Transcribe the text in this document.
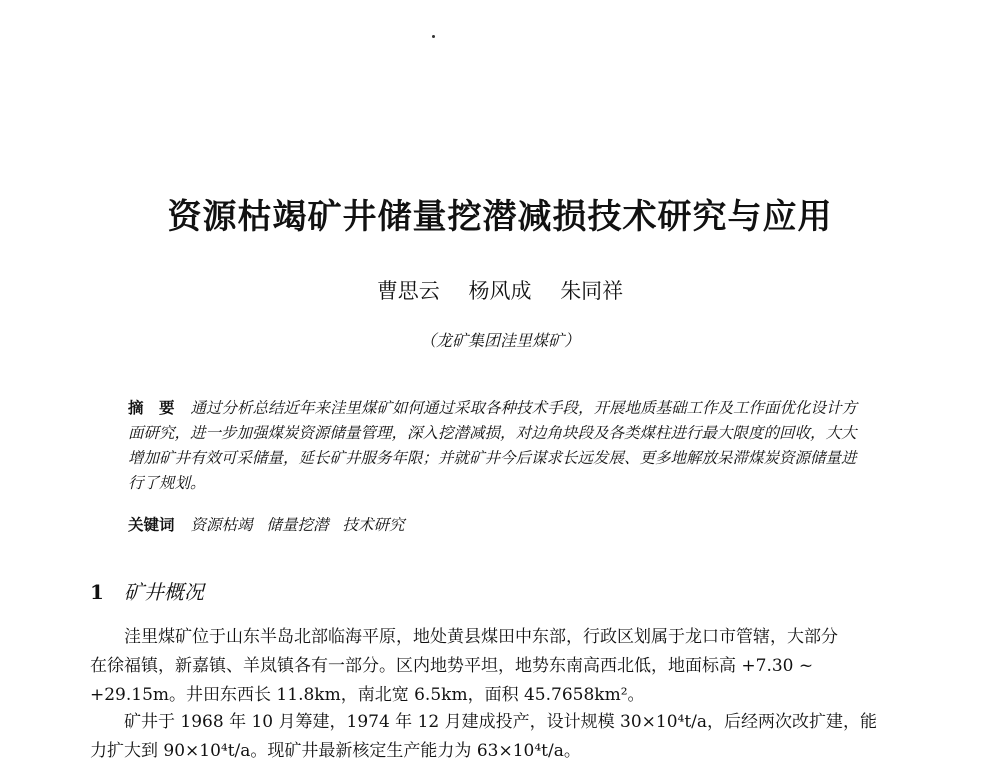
资源枯竭矿井储量挖潜减损技术研究与应用
曹思云 杨风成 朱同祥
（龙矿集团洼里煤矿）
摘　要 通过分析总结近年来洼里煤矿如何通过采取各种技术手段，开展地质基础工作及工作面优化设计方面研究，进一步加强煤炭资源储量管理，深入挖潜减损，对边角块段及各类煤柱进行最大限度的回收，大大增加矿井有效可采储量，延长矿井服务年限；并就矿井今后谋求长远发展、更多地解放呆滞煤炭资源储量进行了规划。
关键词 资源枯竭 储量挖潜 技术研究
1 矿井概况

洼里煤矿位于山东半岛北部临海平原，地处黄县煤田中东部，行政区划属于龙口市管辖，大部分
在徐福镇，新嘉镇、羊岚镇各有一部分。区内地势平坦，地势东南高西北低，地面标高 +7.30 ~
+29.15m。井田东西长 11.8km，南北宽 6.5km，面积 45.7658km²。

矿井于 1968 年 10 月筹建，1974 年 12 月建成投产，设计规模 30×10⁴t/a，后经两次改扩建，能
力扩大到 90×10⁴t/a。现矿井最新核定生产能力为 63×10⁴t/a。
